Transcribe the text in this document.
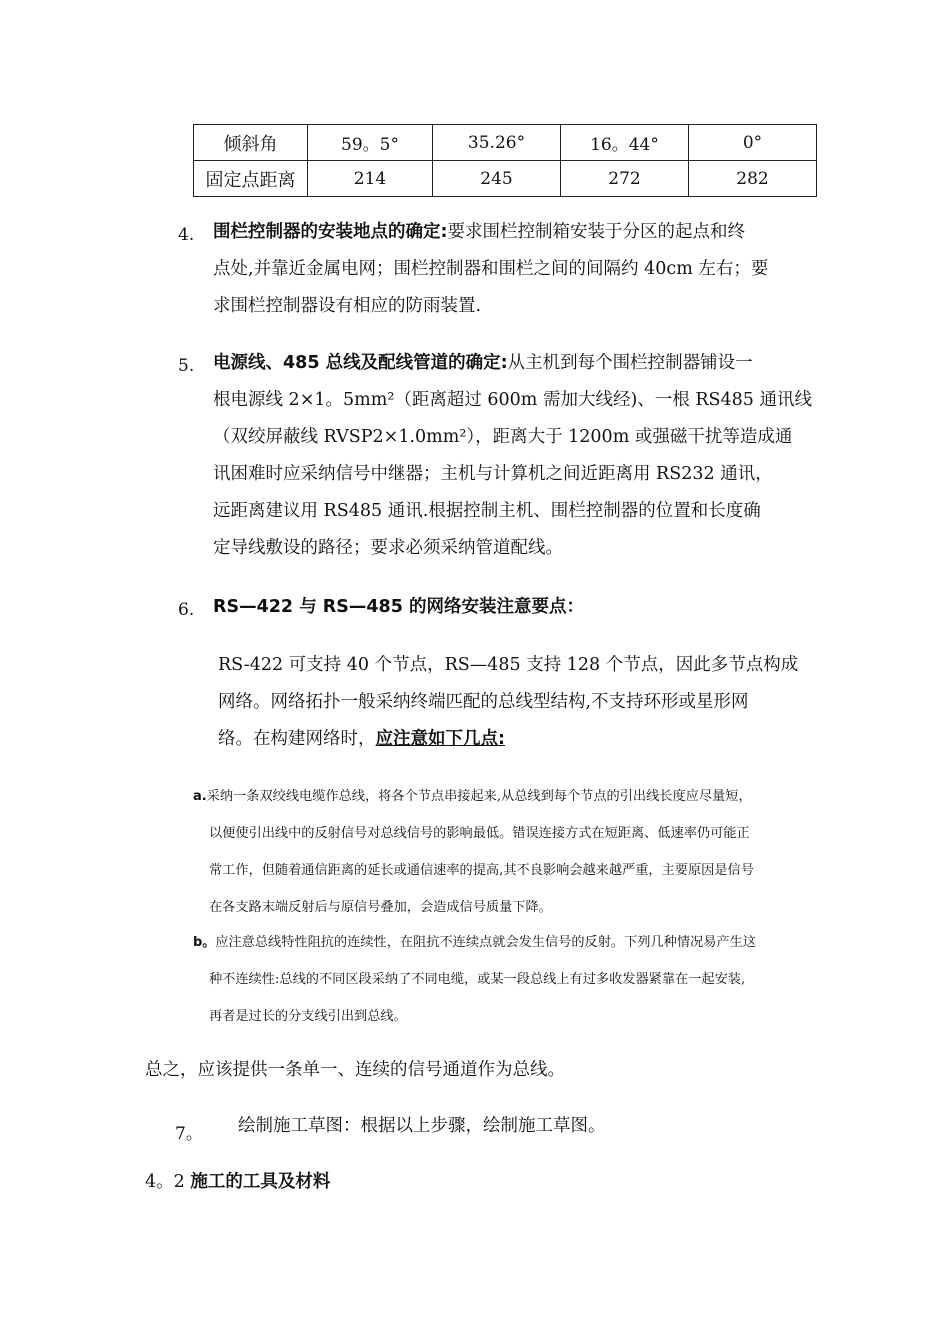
倾斜角	59。5°	35.26°	16。44°	0°
固定点距离	214	245	272	282
4. 围栏控制器的安装地点的确定:要求围栏控制箱安装于分区的起点和终
点处,并靠近金属电网；围栏控制器和围栏之间的间隔约 40cm 左右；要
求围栏控制器设有相应的防雨装置.
5. 电源线、485 总线及配线管道的确定:从主机到每个围栏控制器铺设一
根电源线 2×1。5mm²（距离超过 600m 需加大线经)、一根 RS485 通讯线
（双绞屏蔽线 RVSP2×1.0mm²），距离大于 1200m 或强磁干扰等造成通
讯困难时应采纳信号中继器；主机与计算机之间近距离用 RS232 通讯，
远距离建议用 RS485 通讯.根据控制主机、围栏控制器的位置和长度确
定导线敷设的路径；要求必须采纳管道配线。
6. RS—422 与 RS—485 的网络安装注意要点：
RS-422 可支持 40 个节点，RS—485 支持 128 个节点，因此多节点构成
网络。网络拓扑一般采纳终端匹配的总线型结构,不支持环形或星形网
络。在构建网络时，应注意如下几点:
a.采纳一条双绞线电缆作总线，将各个节点串接起来,从总线到每个节点的引出线长度应尽量短，
以便使引出线中的反射信号对总线信号的影响最低。错误连接方式在短距离、低速率仍可能正
常工作，但随着通信距离的延长或通信速率的提高,其不良影响会越来越严重，主要原因是信号
在各支路末端反射后与原信号叠加，会造成信号质量下降。
b。应注意总线特性阻抗的连续性，在阻抗不连续点就会发生信号的反射。下列几种情况易产生这
种不连续性:总线的不同区段采纳了不同电缆，或某一段总线上有过多收发器紧靠在一起安装,
再者是过长的分支线引出到总线。
总之，应该提供一条单一、连续的信号通道作为总线。
7。 绘制施工草图：根据以上步骤，绘制施工草图。
4。2 施工的工具及材料
